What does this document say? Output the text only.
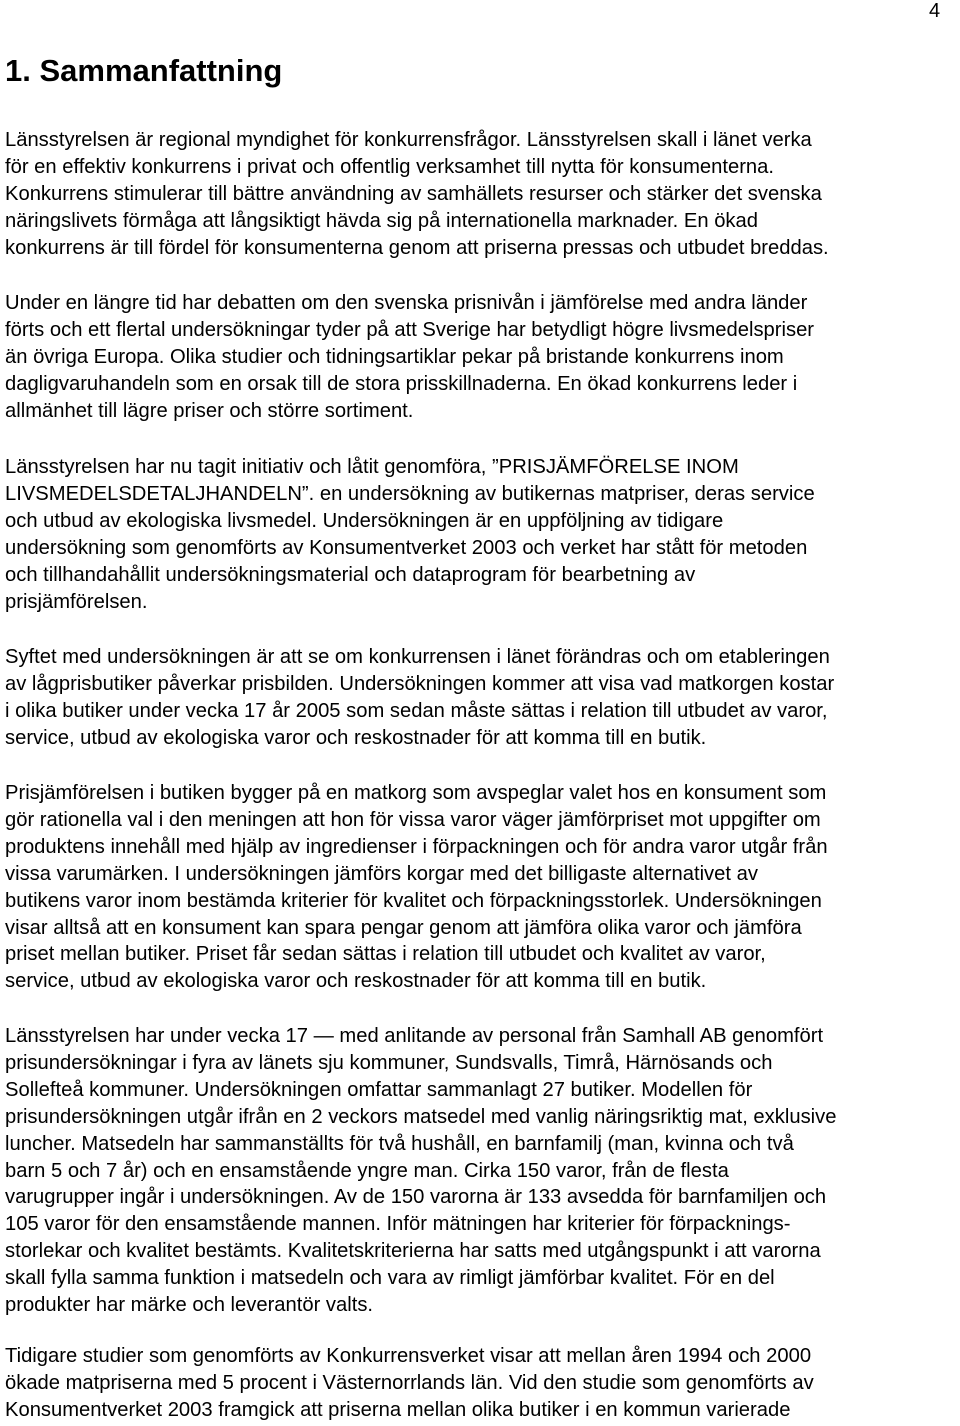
4
1. Sammanfattning

Länsstyrelsen är regional myndighet för konkurrensfrågor. Länsstyrelsen skall i länet verka
för en effektiv konkurrens i privat och offentlig verksamhet till nytta för konsumenterna.
Konkurrens stimulerar till bättre användning av samhällets resurser och stärker det svenska
näringslivets förmåga att långsiktigt hävda sig på internationella marknader. En ökad
konkurrens är till fördel för konsumenterna genom att priserna pressas och utbudet breddas.

Under en längre tid har debatten om den svenska prisnivån i jämförelse med andra länder
förts och ett flertal undersökningar tyder på att Sverige har betydligt högre livsmedelspriser
än övriga Europa. Olika studier och tidningsartiklar pekar på bristande konkurrens inom
dagligvaruhandeln som en orsak till de stora prisskillnaderna. En ökad konkurrens leder i
allmänhet till lägre priser och större sortiment.

Länsstyrelsen har nu tagit initiativ och låtit genomföra, ”PRISJÄMFÖRELSE INOM
LIVSMEDELSDETALJHANDELN”. en undersökning av butikernas matpriser, deras service
och utbud av ekologiska livsmedel. Undersökningen är en uppföljning av tidigare
undersökning som genomförts av Konsumentverket 2003 och verket har stått för metoden
och tillhandahållit undersökningsmaterial och dataprogram för bearbetning av
prisjämförelsen.

Syftet med undersökningen är att se om konkurrensen i länet förändras och om etableringen
av lågprisbutiker påverkar prisbilden. Undersökningen kommer att visa vad matkorgen kostar
i olika butiker under vecka 17 år 2005 som sedan måste sättas i relation till utbudet av varor,
service, utbud av ekologiska varor och reskostnader för att komma till en butik.

Prisjämförelsen i butiken bygger på en matkorg som avspeglar valet hos en konsument som
gör rationella val i den meningen att hon för vissa varor väger jämförpriset mot uppgifter om
produktens innehåll med hjälp av ingredienser i förpackningen och för andra varor utgår från
vissa varumärken. I undersökningen jämförs korgar med det billigaste alternativet av
butikens varor inom bestämda kriterier för kvalitet och förpackningsstorlek. Undersökningen
visar alltså att en konsument kan spara pengar genom att jämföra olika varor och jämföra
priset mellan butiker. Priset får sedan sättas i relation till utbudet och kvalitet av varor,
service, utbud av ekologiska varor och reskostnader för att komma till en butik.

Länsstyrelsen har under vecka 17 — med anlitande av personal från Samhall AB genomfört
prisundersökningar i fyra av länets sju kommuner, Sundsvalls, Timrå, Härnösands och
Sollefteå kommuner. Undersökningen omfattar sammanlagt 27 butiker. Modellen för
prisundersökningen utgår ifrån en 2 veckors matsedel med vanlig näringsriktig mat, exklusive
luncher. Matsedeln har sammanställts för två hushåll, en barnfamilj (man, kvinna och två
barn 5 och 7 år) och en ensamstående yngre man. Cirka 150 varor, från de flesta
varugrupper ingår i undersökningen. Av de 150 varorna är 133 avsedda för barnfamiljen och
105 varor för den ensamstående mannen. Inför mätningen har kriterier för förpacknings-
storlekar och kvalitet bestämts. Kvalitetskriterierna har satts med utgångspunkt i att varorna
skall fylla samma funktion i matsedeln och vara av rimligt jämförbar kvalitet. För en del
produkter har märke och leverantör valts.

Tidigare studier som genomförts av Konkurrensverket visar att mellan åren 1994 och 2000
ökade matpriserna med 5 procent i Västernorrlands län. Vid den studie som genomförts av
Konsumentverket 2003 framgick att priserna mellan olika butiker i en kommun varierade
